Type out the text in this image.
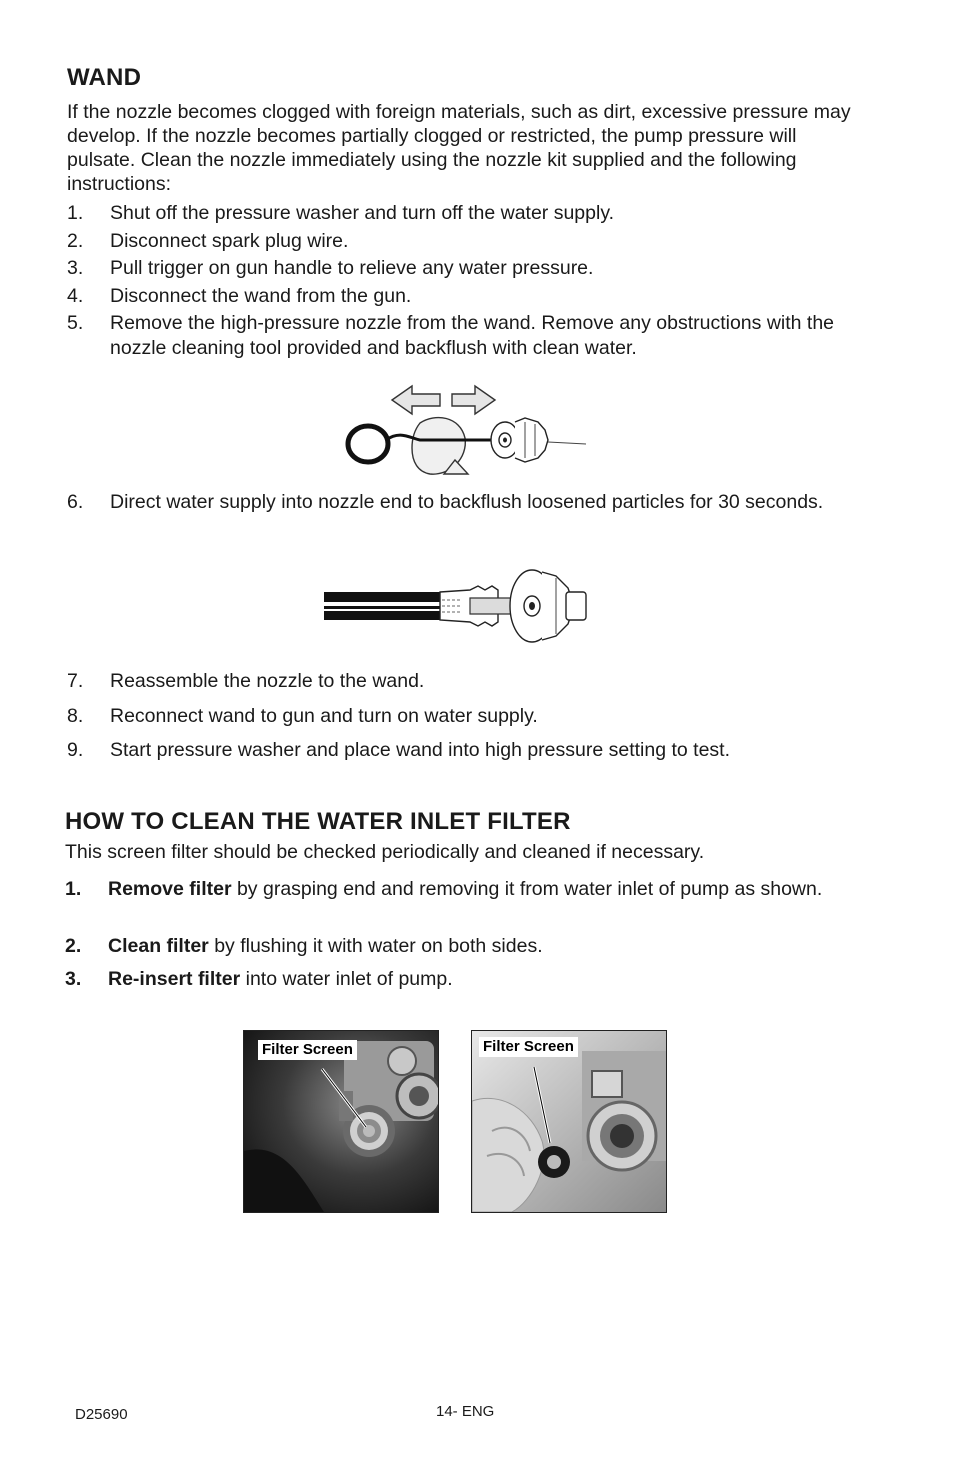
WAND
If the nozzle becomes clogged with foreign materials, such as dirt, excessive pressure may develop. If the nozzle becomes partially clogged or restricted, the pump pressure will pulsate. Clean the nozzle immediately using the nozzle kit supplied and the following instructions:
1. Shut off the pressure washer and turn off the water supply.
2. Disconnect spark plug wire.
3. Pull trigger on gun handle to relieve any water pressure.
4. Disconnect the wand from the gun.
5. Remove the high-pressure nozzle from the wand. Remove any obstructions with the nozzle cleaning tool provided and backflush with clean water.
6. Direct water supply into nozzle end to backflush loosened particles for 30 seconds.
7. Reassemble the nozzle to the wand.
8. Reconnect wand to gun and turn on water supply.
9. Start pressure washer and place wand into high pressure setting to test.
HOW TO CLEAN THE WATER INLET FILTER
This screen filter should be checked periodically and cleaned if necessary.
1. Remove filter by grasping end and removing it from water inlet of pump as shown.
2. Clean filter by flushing it with water on both sides.
3. Re-insert filter into water inlet of pump.
Filter Screen	Filter Screen
D25690	14- ENG
